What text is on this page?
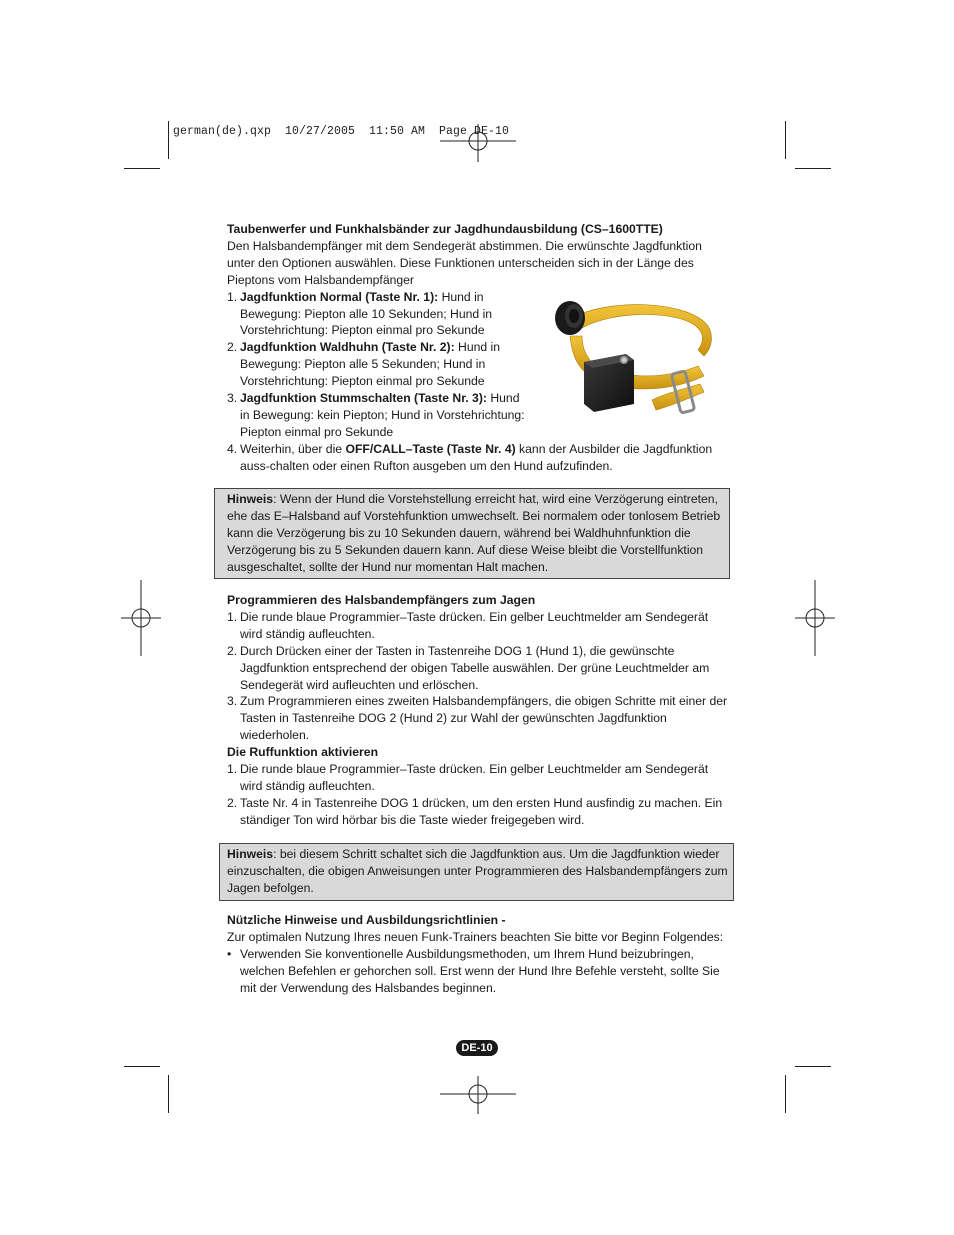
german(de).qxp  10/27/2005  11:50 AM  Page DE-10

Taubenwerfer und Funkhalsbänder zur Jagdhundausbildung (CS–1600TTE)

Den Halsbandempfänger mit dem Sendegerät abstimmen. Die erwünschte Jagdfunktion unter den Optionen auswählen. Diese Funktionen unterscheiden sich in der Länge des Pieptons vom Halsbandempfänger

1. Jagdfunktion Normal (Taste Nr. 1): Hund in Bewegung: Piepton alle 10 Sekunden; Hund in Vorstehrichtung: Piepton einmal pro Sekunde
2. Jagdfunktion Waldhuhn (Taste Nr. 2): Hund in Bewegung: Piepton alle 5 Sekunden; Hund in Vorstehrichtung: Piepton einmal pro Sekunde
3. Jagdfunktion Stummschalten (Taste Nr. 3): Hund in Bewegung: kein Piepton; Hund in Vorstehrichtung: Piepton einmal pro Sekunde
4. Weiterhin, über die OFF/CALL–Taste (Taste Nr. 4) kann der Ausbilder die Jagdfunktion auss-chalten oder einen Rufton ausgeben um den Hund aufzufinden.
Hinweis: Wenn der Hund die Vorstehstellung erreicht hat, wird eine Verzögerung eintreten, ehe das E–Halsband auf Vorstehfunktion umwechselt. Bei normalem oder tonlosem Betrieb kann die Verzögerung bis zu 10 Sekunden dauern, während bei Waldhuhnfunktion die Verzögerung bis zu 5 Sekunden dauern kann. Auf diese Weise bleibt die Vorstellfunktion ausgeschaltet, sollte der Hund nur momentan Halt machen.

Programmieren des Halsbandempfängers zum Jagen

1. Die runde blaue Programmier–Taste drücken. Ein gelber Leuchtmelder am Sendegerät wird ständig aufleuchten.
2. Durch Drücken einer der Tasten in Tastenreihe DOG 1 (Hund 1), die gewünschte Jagdfunktion entsprechend der obigen Tabelle auswählen. Der grüne Leuchtmelder am Sendegerät wird aufleuchten und erlöschen.
3. Zum Programmieren eines zweiten Halsbandempfängers, die obigen Schritte mit einer der Tasten in Tastenreihe DOG 2 (Hund 2) zur Wahl der gewünschten Jagdfunktion wiederholen.

Die Ruffunktion aktivieren

1. Die runde blaue Programmier–Taste drücken. Ein gelber Leuchtmelder am Sendegerät wird ständig aufleuchten.
2. Taste Nr. 4 in Tastenreihe DOG 1 drücken, um den ersten Hund ausfindig zu machen. Ein ständiger Ton wird hörbar bis die Taste wieder freigegeben wird.
Hinweis: bei diesem Schritt schaltet sich die Jagdfunktion aus. Um die Jagdfunktion wieder einzuschalten, die obigen Anweisungen unter Programmieren des Halsbandempfängers zum Jagen befolgen.

Nützliche Hinweise und Ausbildungsrichtlinien -

Zur optimalen Nutzung Ihres neuen Funk-Trainers beachten Sie bitte vor Beginn Folgendes:

• Verwenden Sie konventionelle Ausbildungsmethoden, um Ihrem Hund beizubringen, welchen Befehlen er gehorchen soll. Erst wenn der Hund Ihre Befehle versteht, sollte Sie mit der Verwendung des Halsbandes beginnen.
DE-10
